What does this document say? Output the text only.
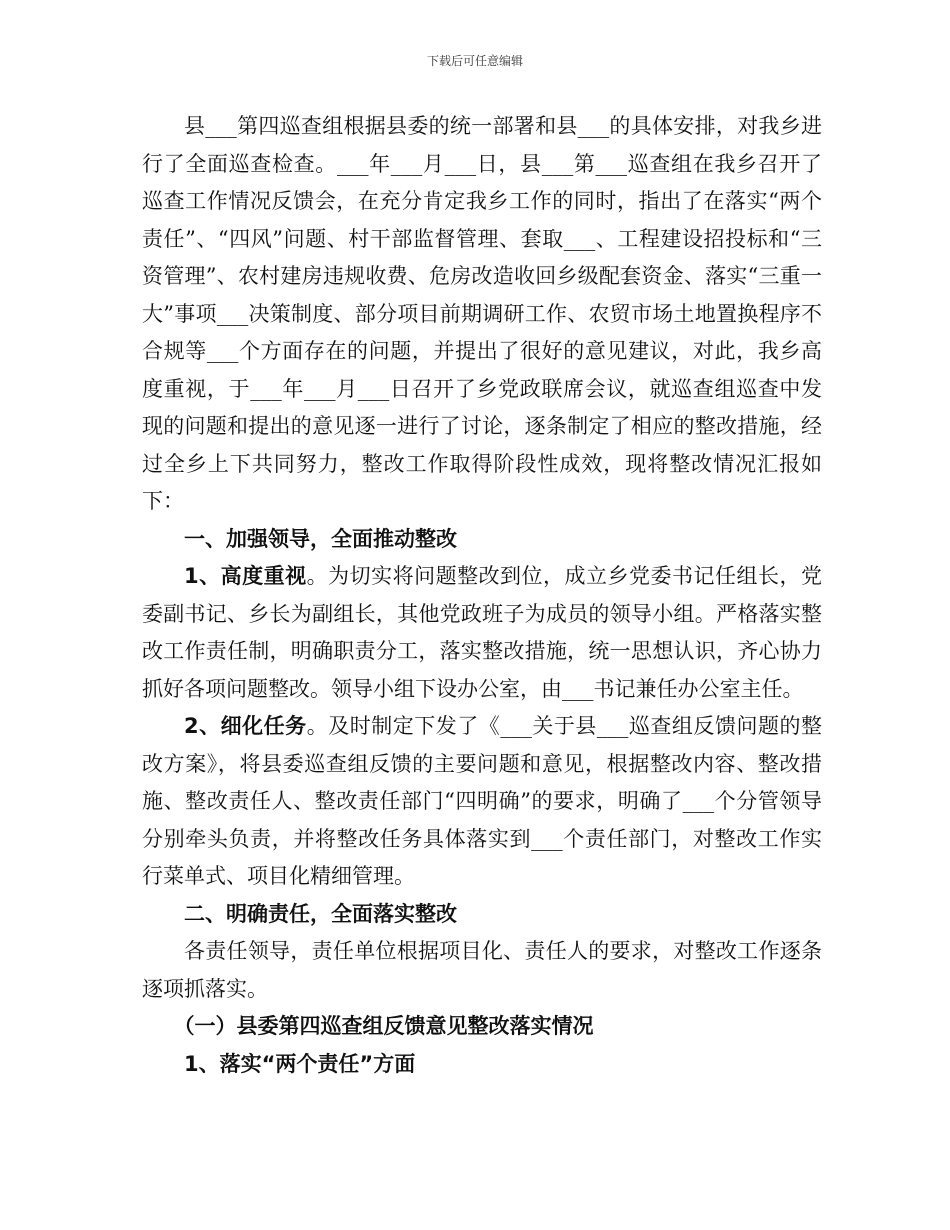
下载后可任意编辑

县___第四巡查组根据县委的统一部署和县___的具体安排，对我乡进行了全面巡查检查。___年___月___日，县___第___巡查组在我乡召开了巡查工作情况反馈会，在充分肯定我乡工作的同时，指出了在落实“两个责任”、“四风”问题、村干部监督管理、套取___、工程建设招投标和“三资管理”、农村建房违规收费、危房改造收回乡级配套资金、落实“三重一大”事项___决策制度、部分项目前期调研工作、农贸市场土地置换程序不合规等___个方面存在的问题，并提出了很好的意见建议，对此，我乡高度重视，于___年___月___日召开了乡党政联席会议，就巡查组巡查中发现的问题和提出的意见逐一进行了讨论，逐条制定了相应的整改措施，经过全乡上下共同努力，整改工作取得阶段性成效，现将整改情况汇报如下：

一、加强领导，全面推动整改

1、高度重视。为切实将问题整改到位，成立乡党委书记任组长，党委副书记、乡长为副组长，其他党政班子为成员的领导小组。严格落实整改工作责任制，明确职责分工，落实整改措施，统一思想认识，齐心协力抓好各项问题整改。领导小组下设办公室，由___书记兼任办公室主任。

2、细化任务。及时制定下发了《___关于县___巡查组反馈问题的整改方案》，将县委巡查组反馈的主要问题和意见，根据整改内容、整改措施、整改责任人、整改责任部门“四明确”的要求，明确了___个分管领导分别牵头负责，并将整改任务具体落实到___个责任部门，对整改工作实行菜单式、项目化精细管理。

二、明确责任，全面落实整改

各责任领导，责任单位根据项目化、责任人的要求，对整改工作逐条逐项抓落实。

（一）县委第四巡查组反馈意见整改落实情况

1、落实“两个责任”方面
